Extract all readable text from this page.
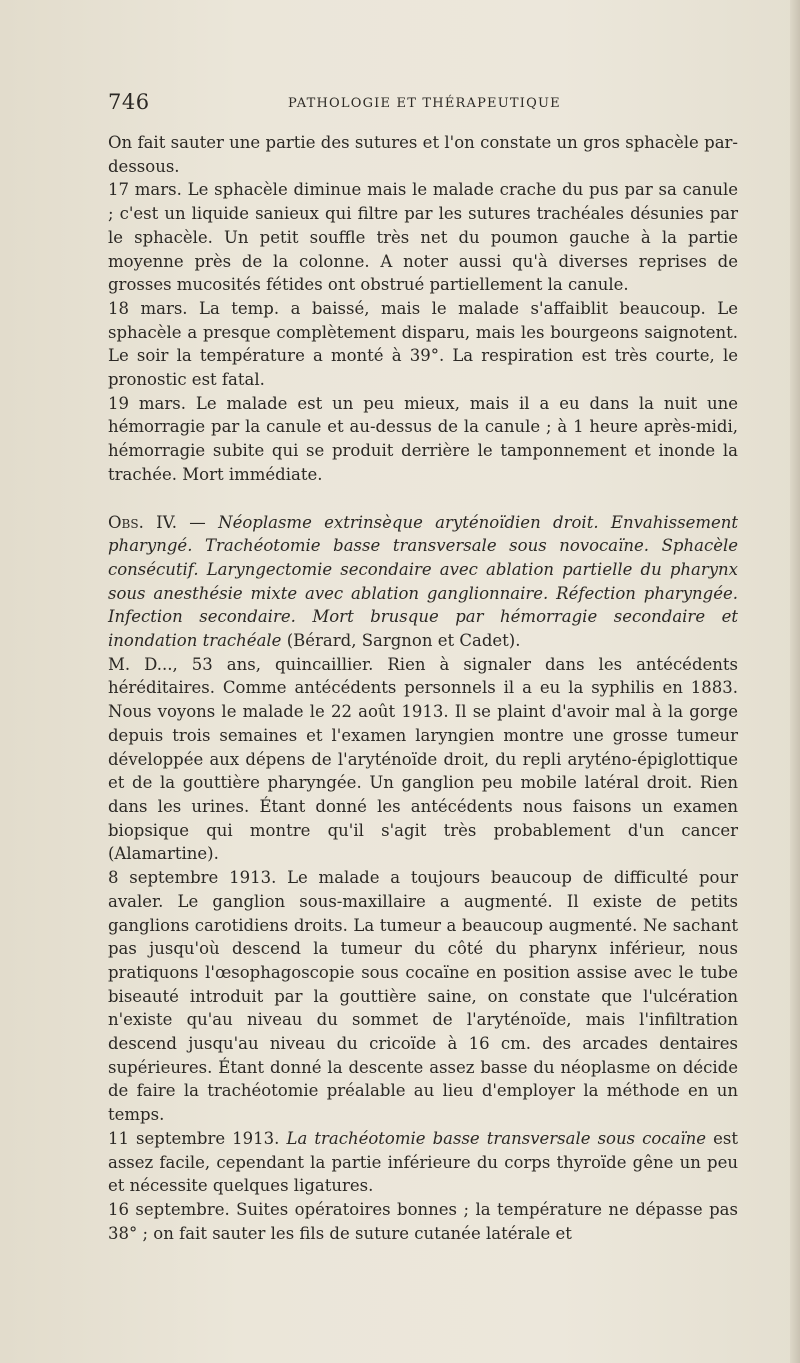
746	PATHOLOGIE ET THÉRAPEUTIQUE

On fait sauter une partie des sutures et l'on constate un gros sphacèle par-dessous.

17 mars. Le sphacèle diminue mais le malade crache du pus par sa canule ; c'est un liquide sanieux qui filtre par les sutures trachéales désunies par le sphacèle. Un petit souffle très net du poumon gauche à la partie moyenne près de la colonne. A noter aussi qu'à diverses reprises de grosses mucosités fétides ont obstrué partiellement la canule.

18 mars. La temp. a baissé, mais le malade s'affaiblit beaucoup. Le sphacèle a presque complètement disparu, mais les bourgeons saignotent. Le soir la température a monté à 39°. La respiration est très courte, le pronostic est fatal.

19 mars. Le malade est un peu mieux, mais il a eu dans la nuit une hémorragie par la canule et au-dessus de la canule ; à 1 heure après-midi, hémorragie subite qui se produit derrière le tamponnement et inonde la trachée. Mort immédiate.

Obs. IV. — Néoplasme extrinsèque aryténoïdien droit. Envahissement pharyngé. Trachéotomie basse transversale sous novocaïne. Sphacèle consécutif. Laryngectomie secondaire avec ablation partielle du pharynx sous anesthésie mixte avec ablation ganglionnaire. Réfection pharyngée. Infection secondaire. Mort brusque par hémorragie secondaire et inondation trachéale (Bérard, Sargnon et Cadet).

M. D..., 53 ans, quincaillier. Rien à signaler dans les antécédents héréditaires. Comme antécédents personnels il a eu la syphilis en 1883. Nous voyons le malade le 22 août 1913. Il se plaint d'avoir mal à la gorge depuis trois semaines et l'examen laryngien montre une grosse tumeur développée aux dépens de l'aryténoïde droit, du repli aryténo-épiglottique et de la gouttière pharyngée. Un ganglion peu mobile latéral droit. Rien dans les urines. Étant donné les antécédents nous faisons un examen biopsique qui montre qu'il s'agit très probablement d'un cancer (Alamartine).

8 septembre 1913. Le malade a toujours beaucoup de difficulté pour avaler. Le ganglion sous-maxillaire a augmenté. Il existe de petits ganglions carotidiens droits. La tumeur a beaucoup augmenté. Ne sachant pas jusqu'où descend la tumeur du côté du pharynx inférieur, nous pratiquons l'œsophagoscopie sous cocaïne en position assise avec le tube biseauté introduit par la gouttière saine, on constate que l'ulcération n'existe qu'au niveau du sommet de l'aryténoïde, mais l'infiltration descend jusqu'au niveau du cricoïde à 16 cm. des arcades dentaires supérieures. Étant donné la descente assez basse du néoplasme on décide de faire la trachéotomie préalable au lieu d'employer la méthode en un temps.

11 septembre 1913. La trachéotomie basse transversale sous cocaïne est assez facile, cependant la partie inférieure du corps thyroïde gêne un peu et nécessite quelques ligatures.

16 septembre. Suites opératoires bonnes ; la température ne dépasse pas 38° ; on fait sauter les fils de suture cutanée latérale et
